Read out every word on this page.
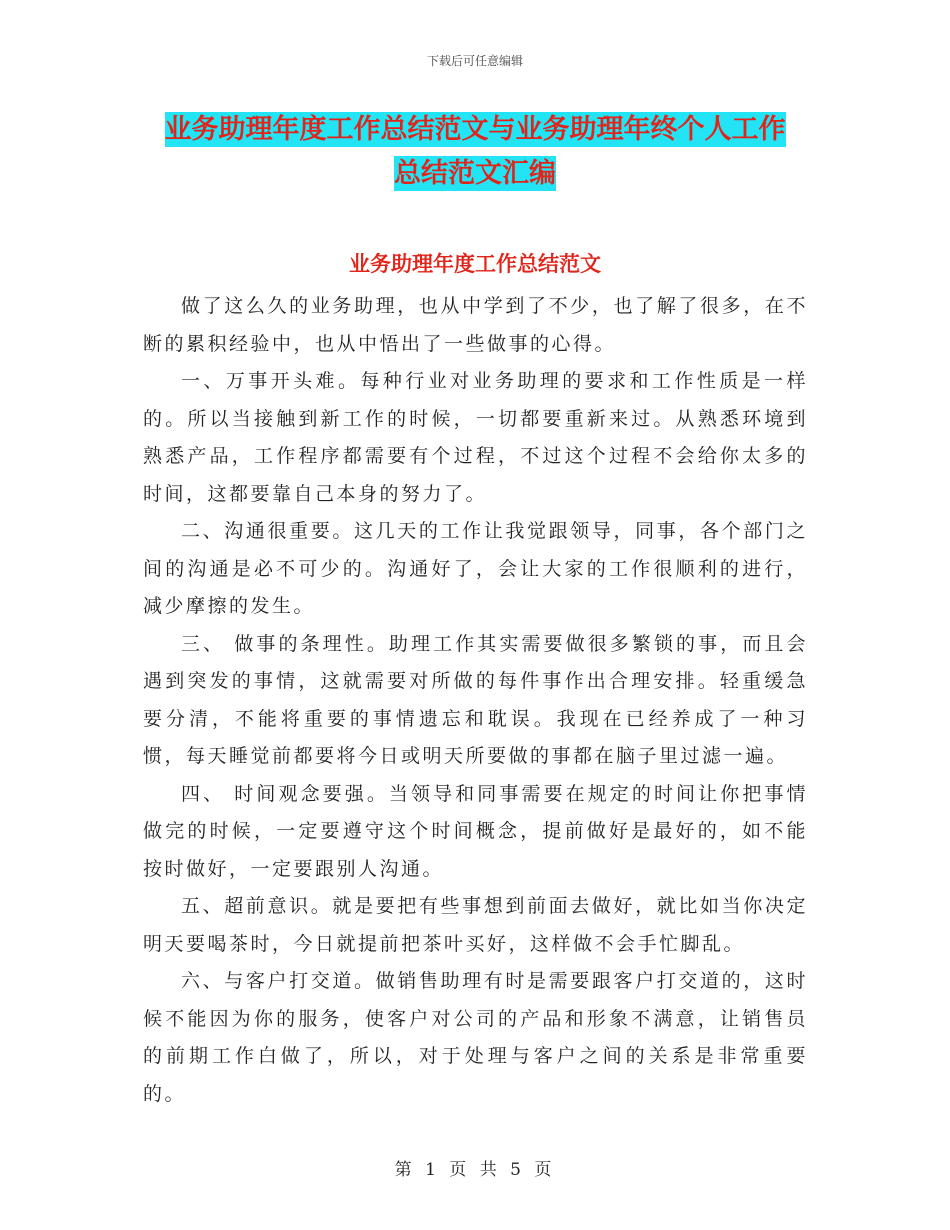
下载后可任意编辑
业务助理年度工作总结范文与业务助理年终个人工作
总结范文汇编
业务助理年度工作总结范文

做了这么久的业务助理，也从中学到了不少，也了解了很多，在不断的累积经验中，也从中悟出了一些做事的心得。

一、万事开头难。每种行业对业务助理的要求和工作性质是一样的。所以当接触到新工作的时候，一切都要重新来过。从熟悉环境到熟悉产品，工作程序都需要有个过程，不过这个过程不会给你太多的时间，这都要靠自己本身的努力了。

二、沟通很重要。这几天的工作让我觉跟领导，同事，各个部门之间的沟通是必不可少的。沟通好了，会让大家的工作很顺利的进行，减少摩擦的发生。

三、 做事的条理性。助理工作其实需要做很多繁锁的事，而且会遇到突发的事情，这就需要对所做的每件事作出合理安排。轻重缓急要分清，不能将重要的事情遗忘和耽误。我现在已经养成了一种习惯，每天睡觉前都要将今日或明天所要做的事都在脑子里过滤一遍。

四、 时间观念要强。当领导和同事需要在规定的时间让你把事情做完的时候，一定要遵守这个时间概念，提前做好是最好的，如不能按时做好，一定要跟别人沟通。

五、超前意识。就是要把有些事想到前面去做好，就比如当你决定明天要喝茶时，今日就提前把茶叶买好，这样做不会手忙脚乱。

六、与客户打交道。做销售助理有时是需要跟客户打交道的，这时候不能因为你的服务，使客户对公司的产品和形象不满意，让销售员的前期工作白做了，所以，对于处理与客户之间的关系是非常重要的。

第 1 页 共 5 页
